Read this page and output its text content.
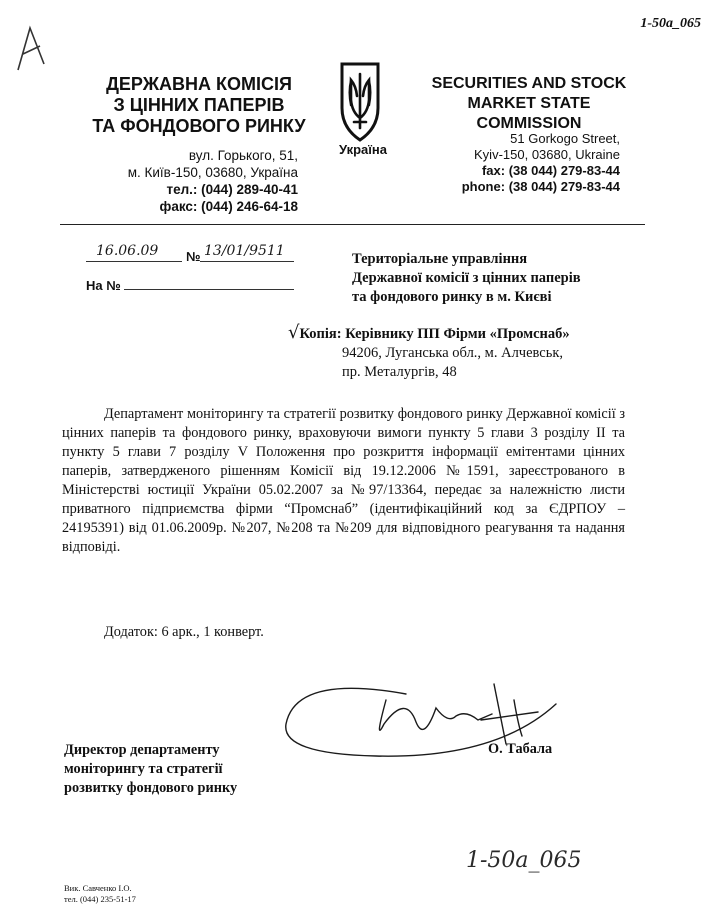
1-50a_065
ДЕРЖАВНА КОМІСІЯ
З ЦІННИХ ПАПЕРІВ
ТА ФОНДОВОГО РИНКУ
вул. Горького, 51,
м. Київ-150, 03680, Україна
тел.: (044) 289-40-41
факс: (044) 246-64-18
Україна
SECURITIES AND STOCK
MARKET STATE
COMMISSION
51 Gorkogo Street,
Kyiv-150, 03680, Ukraine
fax: (38 044) 279-83-44
phone: (38 044) 279-83-44
16.06.09 № 13/01/9511
На №
Територіальне управління
Державної комісії з цінних паперів
та фондового ринку в м. Києві
√Копія: Керівнику ПП Фірми «Промснаб»
94206, Луганська обл., м. Алчевськ,
пр. Металургів, 48

Департамент моніторингу та стратегії розвитку фондового ринку Державної комісії з цінних паперів та фондового ринку, враховуючи вимоги пункту 5 глави 3 розділу ІІ та пункту 5 глави 7 розділу V Положення про розкриття інформації емітентами цінних паперів, затвердженого рішенням Комісії від 19.12.2006 №1591, зареєстрованого в Міністерстві юстиції України 05.02.2007 за №97/13364, передає за належністю листи приватного підприємства фірми “Промснаб” (ідентифікаційний код за ЄДРПОУ – 24195391) від 01.06.2009р. №207, №208 та №209 для відповідного реагування та надання відповіді.

Додаток: 6 арк., 1 конверт.
Директор департаменту
моніторингу та стратегії
розвитку фондового ринку
О. Табала
1-50а_065
Вик. Савченко І.О.
тел. (044) 235-51-17
